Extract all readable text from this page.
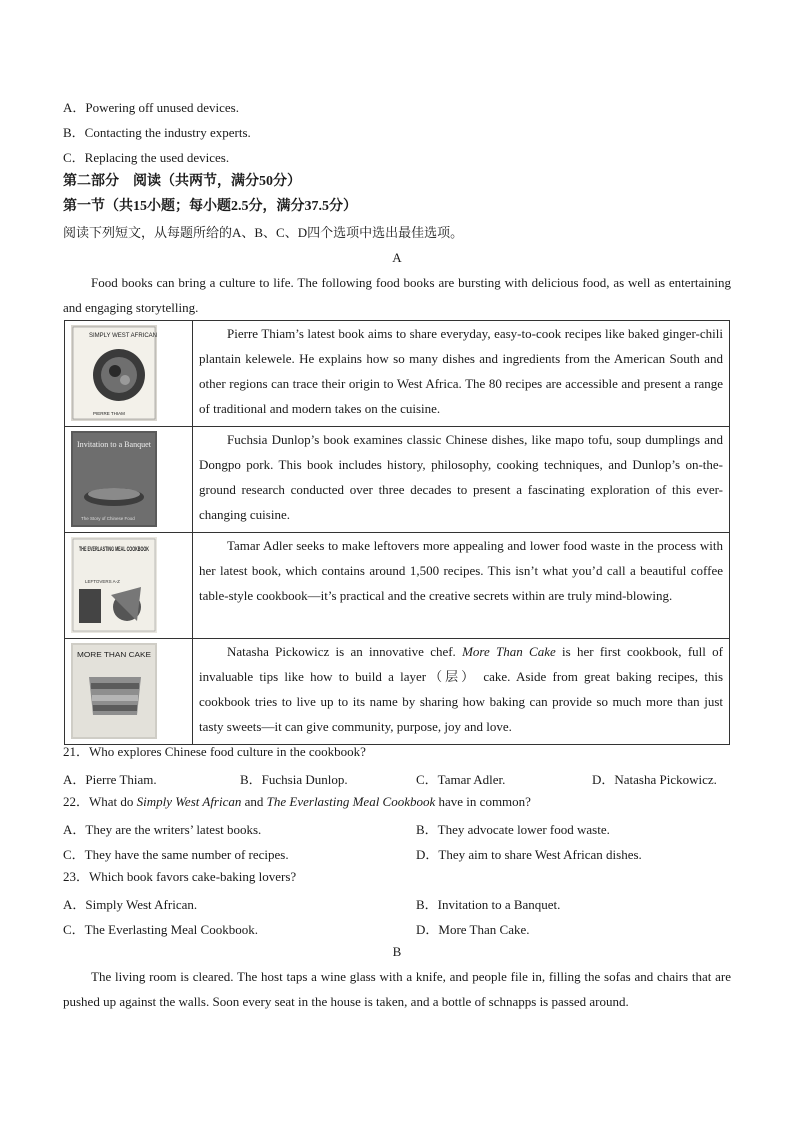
A．Powering off unused devices.
B．Contacting the industry experts.
C．Replacing the used devices.
第二部分　阅读（共两节，满分50分）
第一节（共15小题；每小题2.5分，满分37.5分）
阅读下列短文，从每题所给的A、B、C、D四个选项中选出最佳选项。
A
Food books can bring a culture to life. The following food books are bursting with delicious food, as well as entertaining and engaging storytelling.
SIMPLY WEST AFRICAN
PIERRE THIAM	Pierre Thiam’s latest book aims to share everyday, easy-to-cook recipes like baked ginger-chili plantain kelewele. He explains how so many dishes and ingredients from the American South and other regions can trace their origin to West Africa. The 80 recipes are accessible and present a range of traditional and modern takes on the cuisine.

Invitation to a Banquet
The Story of Chinese Food	Fuchsia Dunlop’s book examines classic Chinese dishes, like mapo tofu, soup dumplings and Dongpo pork. This book includes history, philosophy, cooking techniques, and Dunlop’s on-the-ground research conducted over three decades to present a fascinating exploration of this ever-changing cuisine.

THE EVERLASTING MEAL COOKBOOK
LEFTOVERS A-Z	Tamar Adler seeks to make leftovers more appealing and lower food waste in the process with her latest book, which contains around 1,500 recipes. This isn’t what you’d call a beautiful coffee table-style cookbook—it’s practical and the creative secrets within are truly mind-blowing.

MORE THAN CAKE	Natasha Pickowicz is an innovative chef. More Than Cake is her first cookbook, full of invaluable tips like how to build a layer（层） cake. Aside from great baking recipes, this cookbook tries to live up to its name by sharing how baking can provide so much more than just tasty sweets—it can give community, purpose, joy and love.
21．Who explores Chinese food culture in the cookbook?
A．Pierre Thiam.	B．Fuchsia Dunlop.	C．Tamar Adler.	D．Natasha Pickowicz.
22．What do Simply West African and The Everlasting Meal Cookbook have in common?
A．They are the writers’ latest books.	B．They advocate lower food waste.
C．They have the same number of recipes.	D．They aim to share West African dishes.
23．Which book favors cake-baking lovers?
A．Simply West African.	B．Invitation to a Banquet.
C．The Everlasting Meal Cookbook.	D．More Than Cake.
B
The living room is cleared. The host taps a wine glass with a knife, and people file in, filling the sofas and chairs that are pushed up against the walls. Soon every seat in the house is taken, and a bottle of schnapps is passed around.
